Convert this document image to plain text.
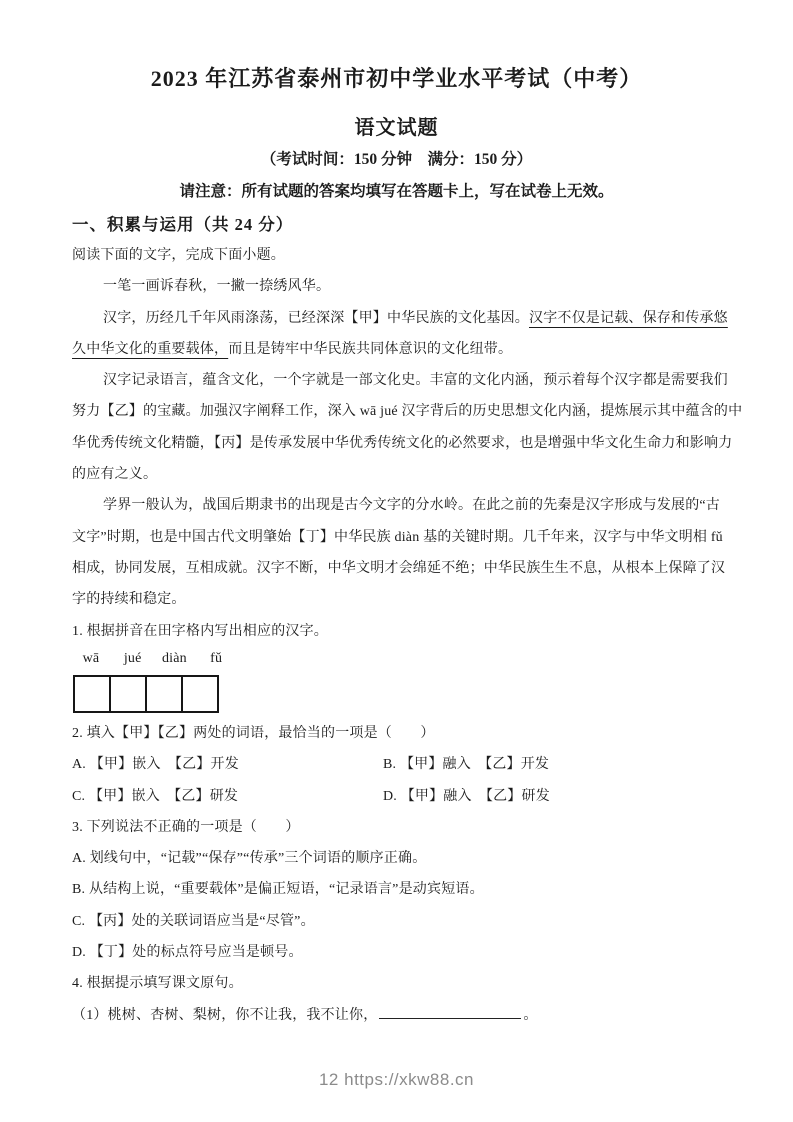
2023 年江苏省泰州市初中学业水平考试（中考）
语文试题
（考试时间：150 分钟　满分：150 分）
请注意：所有试题的答案均填写在答题卡上，写在试卷上无效。
一、积累与运用（共 24 分）
阅读下面的文字，完成下面小题。
一笔一画诉春秋，一撇一捺绣风华。
汉字，历经几千年风雨涤荡，已经深深【甲】中华民族的文化基因。汉字不仅是记载、保存和传承悠
久中华文化的重要载体，而且是铸牢中华民族共同体意识的文化纽带。
汉字记录语言，蕴含文化，一个字就是一部文化史。丰富的文化内涵，预示着每个汉字都是需要我们
努力【乙】的宝藏。加强汉字阐释工作，深入 wā jué 汉字背后的历史思想文化内涵，提炼展示其中蕴含的中
华优秀传统文化精髓，【丙】是传承发展中华优秀传统文化的必然要求，也是增强中华文化生命力和影响力
的应有之义。
学界一般认为，战国后期隶书的出现是古今文字的分水岭。在此之前的先秦是汉字形成与发展的“古
文字”时期，也是中国古代文明肇始【丁】中华民族 diàn 基的关键时期。几千年来，汉字与中华文明相 fǔ
相成，协同发展，互相成就。汉字不断，中华文明才会绵延不绝；中华民族生生不息，从根本上保障了汉
字的持续和稳定。
1. 根据拼音在田字格内写出相应的汉字。
wā jué diàn fǔ
2. 填入【甲】【乙】两处的词语，最恰当的一项是（　　）
A. 【甲】嵌入　【乙】开发	B. 【甲】融入　【乙】开发
C. 【甲】嵌入　【乙】研发	D. 【甲】融入　【乙】研发
3. 下列说法不正确的一项是（　　）
A. 划线句中，“记载”“保存”“传承”三个词语的顺序正确。
B. 从结构上说，“重要载体”是偏正短语，“记录语言”是动宾短语。
C. 【丙】处的关联词语应当是“尽管”。
D. 【丁】处的标点符号应当是顿号。
4. 根据提示填写课文原句。
（1）桃树、杏树、梨树，你不让我，我不让你，	。
12 https://xkw88.cn
